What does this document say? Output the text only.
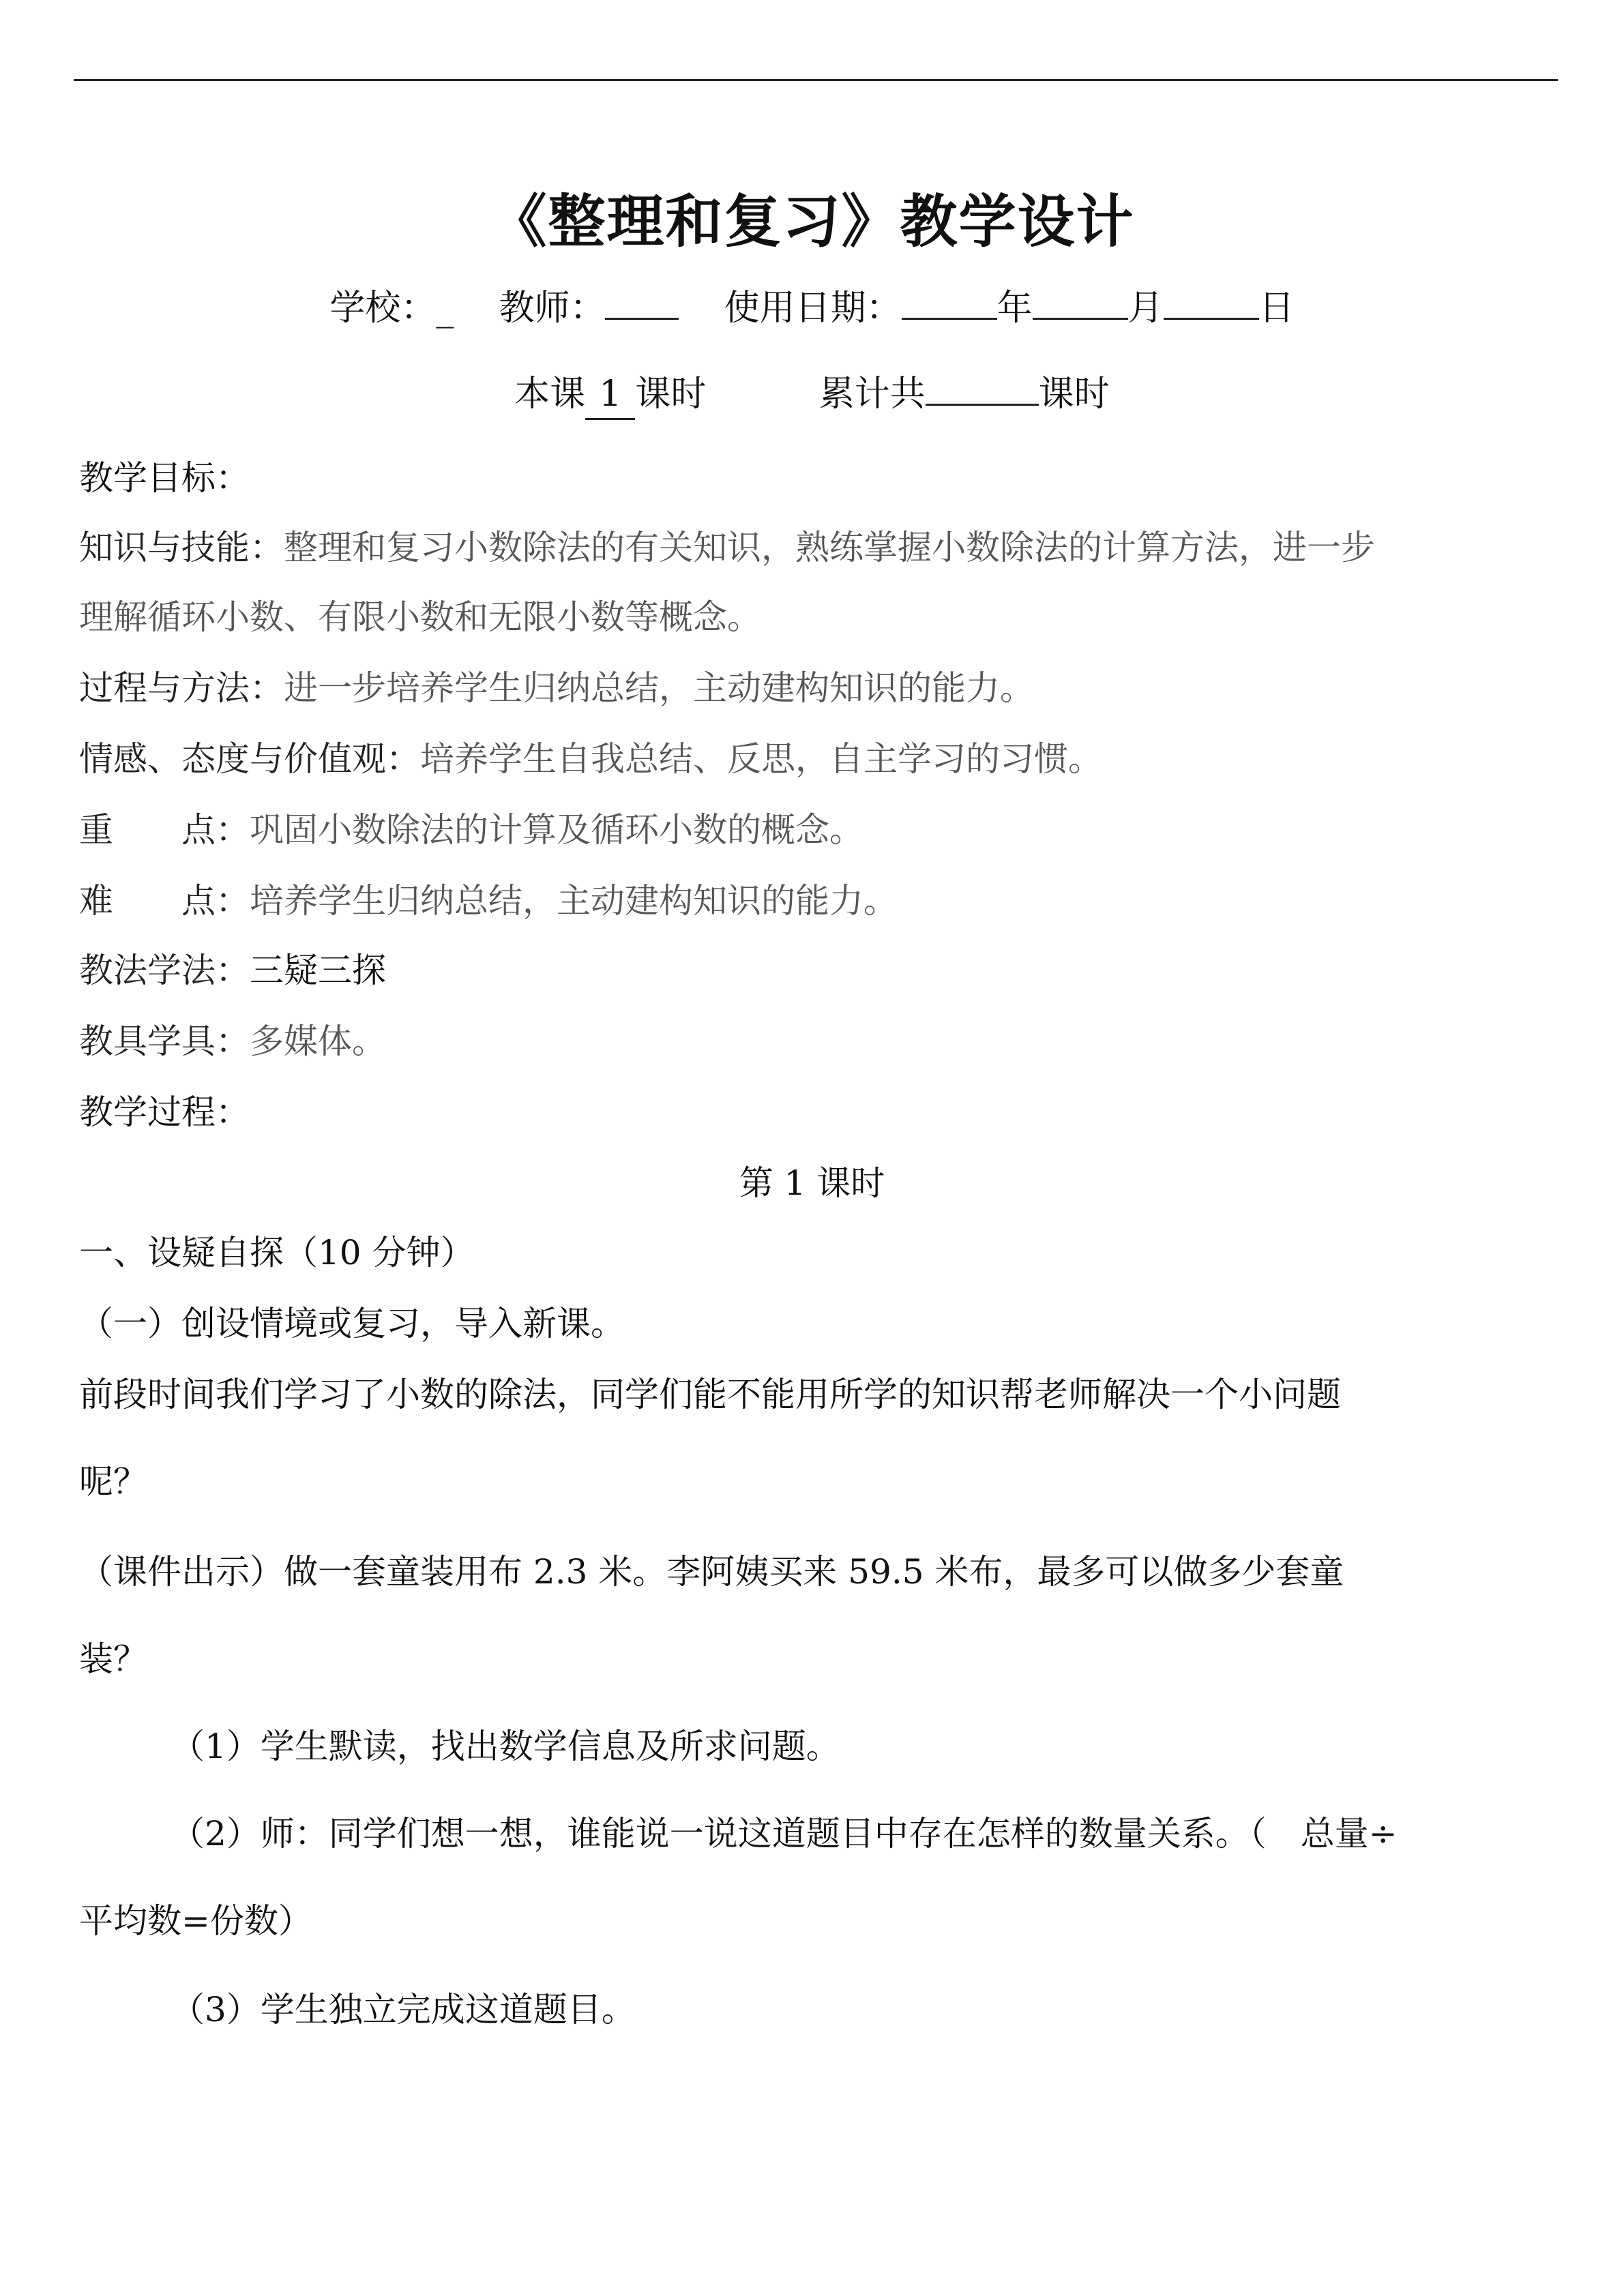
《整理和复习》教学设计
学校：_ 教师：	使用日期：	年	月	日
本课 1 课时	累计共	课时
教学目标：
知识与技能：整理和复习小数除法的有关知识，熟练掌握小数除法的计算方法，进一步
理解循环小数、有限小数和无限小数等概念。
过程与方法：进一步培养学生归纳总结，主动建构知识的能力。
情感、态度与价值观：培养学生自我总结、反思，自主学习的习惯。
重　　点：巩固小数除法的计算及循环小数的概念。
难　　点：培养学生归纳总结，主动建构知识的能力。
教法学法：三疑三探
教具学具：多媒体。
教学过程：
第 1 课时
一、设疑自探（10 分钟）
（一）创设情境或复习，导入新课。
前段时间我们学习了小数的除法，同学们能不能用所学的知识帮老师解决一个小问题
呢？
（课件出示）做一套童装用布 2.3 米。李阿姨买来 59.5 米布，最多可以做多少套童
装？
（1）学生默读，找出数学信息及所求问题。
（2）师：同学们想一想，谁能说一说这道题目中存在怎样的数量关系。（　总量÷
平均数=份数）
（3）学生独立完成这道题目。
